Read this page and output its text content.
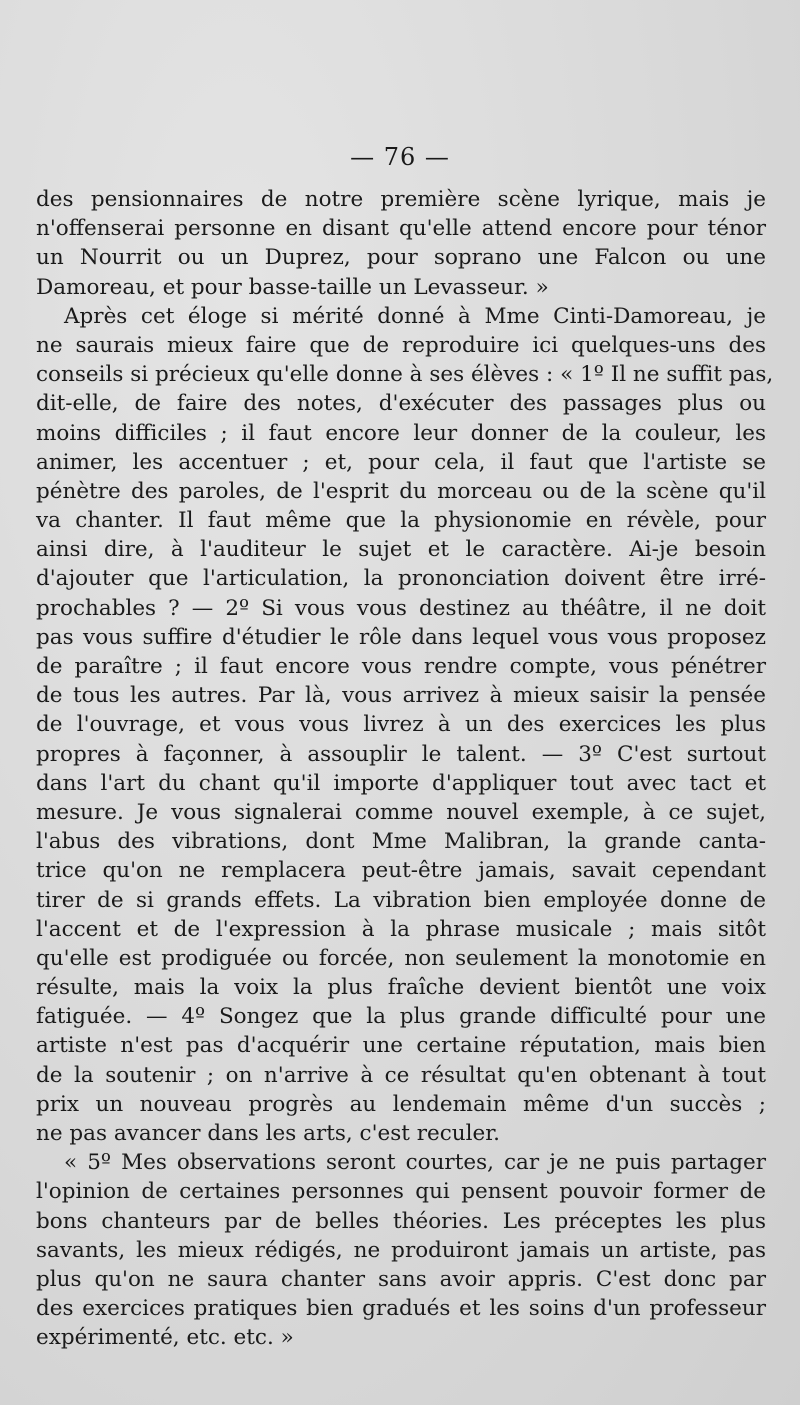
— 76 —
des pensionnaires de notre première scène lyrique, mais je
n'offenserai personne en disant qu'elle attend encore pour ténor
un Nourrit ou un Duprez, pour soprano une Falcon ou une
Damoreau, et pour basse-taille un Levasseur. »
Après cet éloge si mérité donné à Mme Cinti-Damoreau, je
ne saurais mieux faire que de reproduire ici quelques-uns des
conseils si précieux qu'elle donne à ses élèves : « 1º Il ne suffit pas,
dit-elle, de faire des notes, d'exécuter des passages plus ou
moins difficiles ; il faut encore leur donner de la couleur, les
animer, les accentuer ; et, pour cela, il faut que l'artiste se
pénètre des paroles, de l'esprit du morceau ou de la scène qu'il
va chanter. Il faut même que la physionomie en révèle, pour
ainsi dire, à l'auditeur le sujet et le caractère. Ai-je besoin
d'ajouter que l'articulation, la prononciation doivent être irré-
prochables ? — 2º Si vous vous destinez au théâtre, il ne doit
pas vous suffire d'étudier le rôle dans lequel vous vous proposez
de paraître ; il faut encore vous rendre compte, vous pénétrer
de tous les autres. Par là, vous arrivez à mieux saisir la pensée
de l'ouvrage, et vous vous livrez à un des exercices les plus
propres à façonner, à assouplir le talent. — 3º C'est surtout
dans l'art du chant qu'il importe d'appliquer tout avec tact et
mesure. Je vous signalerai comme nouvel exemple, à ce sujet,
l'abus des vibrations, dont Mme Malibran, la grande canta-
trice qu'on ne remplacera peut-être jamais, savait cependant
tirer de si grands effets. La vibration bien employée donne de
l'accent et de l'expression à la phrase musicale ; mais sitôt
qu'elle est prodiguée ou forcée, non seulement la monotomie en
résulte, mais la voix la plus fraîche devient bientôt une voix
fatiguée. — 4º Songez que la plus grande difficulté pour une
artiste n'est pas d'acquérir une certaine réputation, mais bien
de la soutenir ; on n'arrive à ce résultat qu'en obtenant à tout
prix un nouveau progrès au lendemain même d'un succès ;
ne pas avancer dans les arts, c'est reculer.
« 5º Mes observations seront courtes, car je ne puis partager
l'opinion de certaines personnes qui pensent pouvoir former de
bons chanteurs par de belles théories. Les préceptes les plus
savants, les mieux rédigés, ne produiront jamais un artiste, pas
plus qu'on ne saura chanter sans avoir appris. C'est donc par
des exercices pratiques bien gradués et les soins d'un professeur
expérimenté, etc. etc. »
